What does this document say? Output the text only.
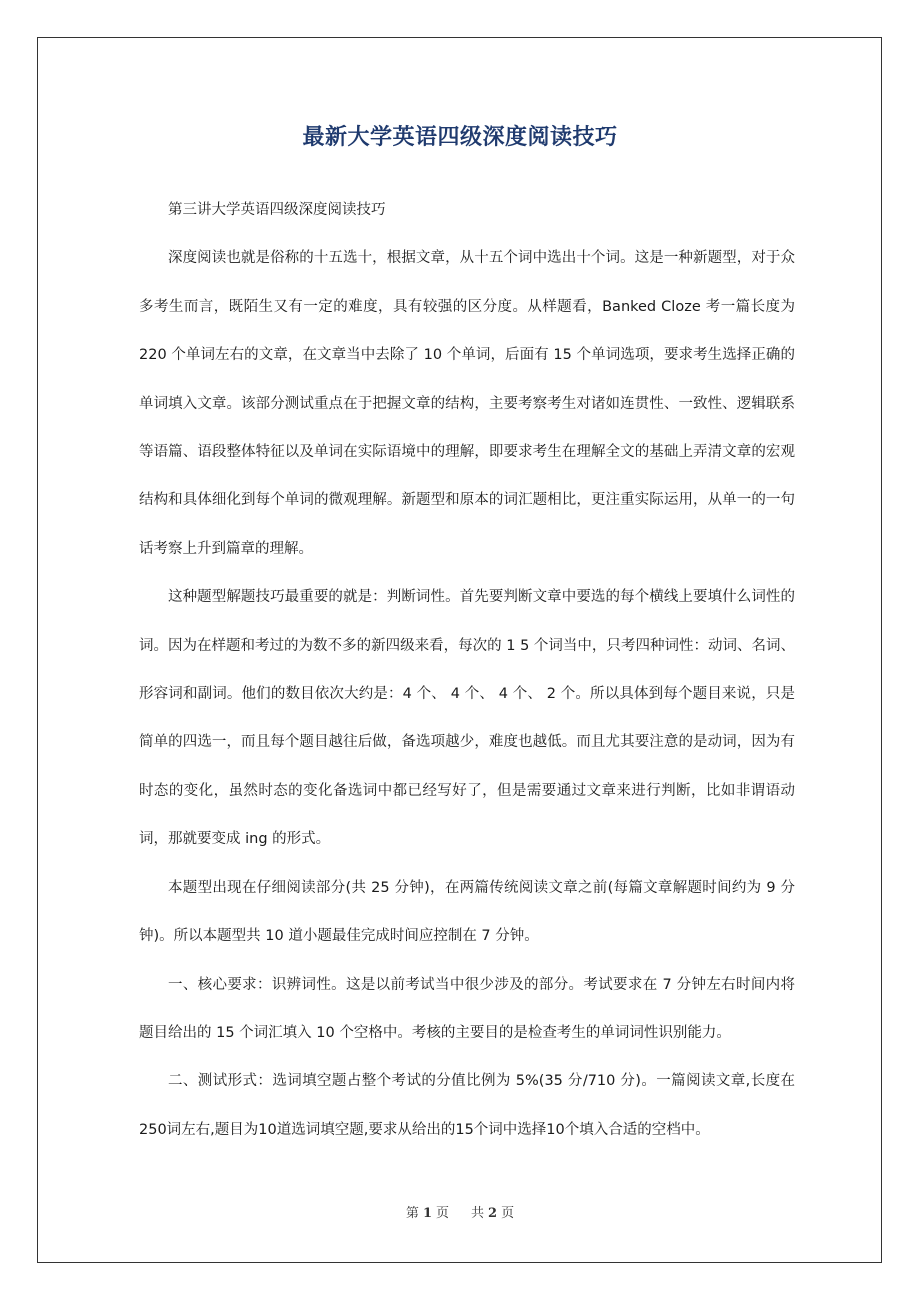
最新大学英语四级深度阅读技巧

第三讲大学英语四级深度阅读技巧

深度阅读也就是俗称的十五选十，根据文章，从十五个词中选出十个词。这是一种新题型，对于众多考生而言，既陌生又有一定的难度，具有较强的区分度。从样题看，Banked Cloze 考一篇长度为 220 个单词左右的文章，在文章当中去除了 10 个单词，后面有 15 个单词选项，要求考生选择正确的单词填入文章。该部分测试重点在于把握文章的结构，主要考察考生对诸如连贯性、一致性、逻辑联系等语篇、语段整体特征以及单词在实际语境中的理解，即要求考生在理解全文的基础上弄清文章的宏观结构和具体细化到每个单词的微观理解。新题型和原本的词汇题相比，更注重实际运用，从单一的一句话考察上升到篇章的理解。

这种题型解题技巧最重要的就是：判断词性。首先要判断文章中要选的每个横线上要填什么词性的词。因为在样题和考过的为数不多的新四级来看，每次的 1 5 个词当中，只考四种词性：动词、名词、形容词和副词。他们的数目依次大约是：4 个、 4 个、 4 个、 2 个。所以具体到每个题目来说，只是简单的四选一，而且每个题目越往后做，备选项越少，难度也越低。而且尤其要注意的是动词，因为有时态的变化，虽然时态的变化备选词中都已经写好了，但是需要通过文章来进行判断，比如非谓语动词，那就要变成 ing 的形式。

本题型出现在仔细阅读部分(共 25 分钟)，在两篇传统阅读文章之前(每篇文章解题时间约为 9 分钟)。所以本题型共 10 道小题最佳完成时间应控制在 7 分钟。

一、核心要求：识辨词性。这是以前考试当中很少涉及的部分。考试要求在 7 分钟左右时间内将题目给出的 15 个词汇填入 10 个空格中。考核的主要目的是检查考生的单词词性识别能力。

二、测试形式：选词填空题占整个考试的分值比例为 5%(35 分/710 分)。一篇阅读文章,长度在250词左右,题目为10道选词填空题,要求从给出的15个词中选择10个填入合适的空档中。

第 1 页 共 2 页
